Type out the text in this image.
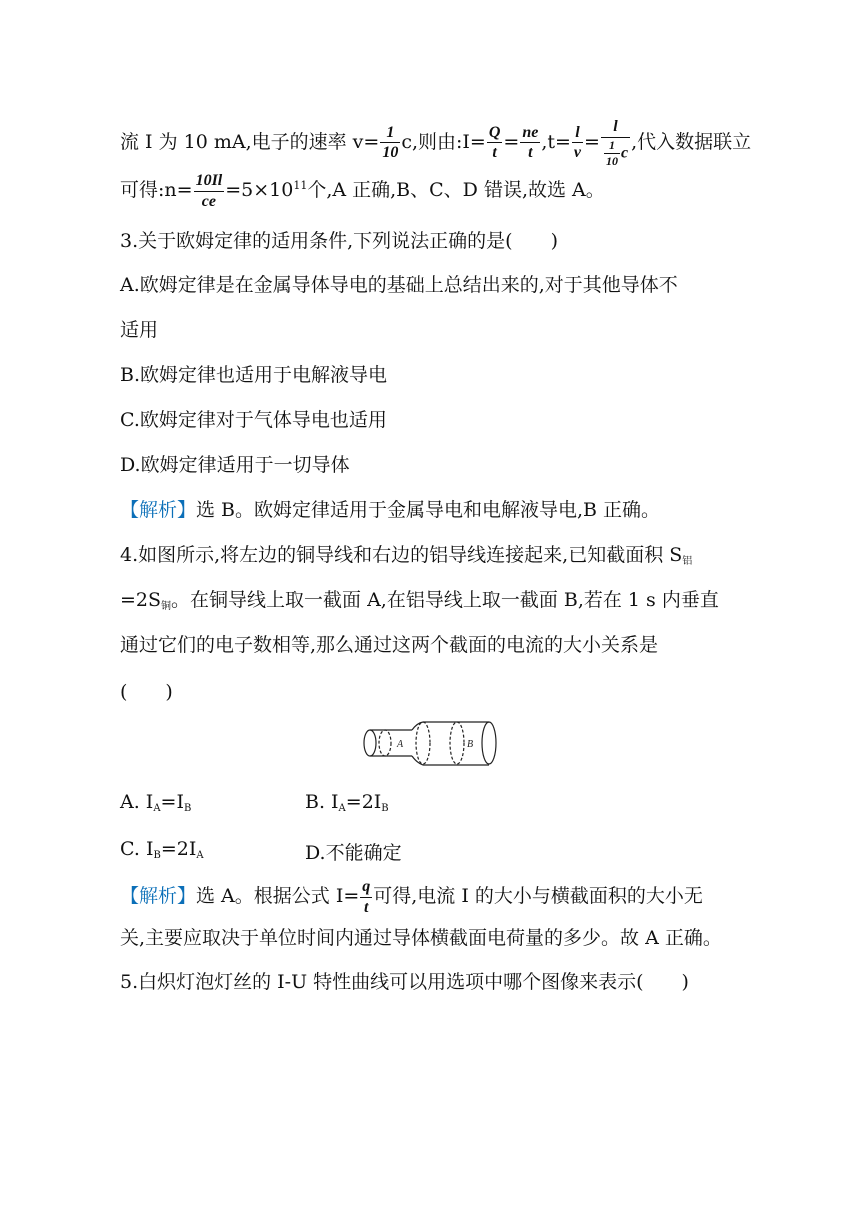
流 I 为 10 mA,电子的速率 $v= \frac{1}{10} c$,则由:I= $\frac{Q}{t} = \frac{ne}{t} ,t= \frac{l}{v} = \frac{l}{\frac{1}{10} c}$ ,代入数据联立
可得:n= $\frac{10Il}{ce} =5\times 10^{11}$个,A 正确,B、C、D 错误,故选 A。
3.关于欧姆定律的适用条件,下列说法正确的是(　　)
A.欧姆定律是在金属导体导电的基础上总结出来的,对于其他导体不
适用
B.欧姆定律也适用于电解液导电
C.欧姆定律对于气体导电也适用
D.欧姆定律适用于一切导体
【解析】选 B。欧姆定律适用于金属导电和电解液导电,B 正确。
4.如图所示,将左边的铜导线和右边的铝导线连接起来,已知截面积 $S_铝$
$=2S_铜$。在铜导线上取一截面 A,在铝导线上取一截面 B,若在 1 s 内垂直
通过它们的电子数相等,那么通过这两个截面的电流的大小关系是
(　　)
A	B
A. $I_A=I_B$	B. $I_A=2I_B$
C. $I_B=2I_A$	D.不能确定
【解析】选 A。根据公式 $I= \frac{q}{t}$ 可得,电流 I 的大小与横截面积的大小无
关,主要应取决于单位时间内通过导体横截面电荷量的多少。故 A 正确。
5.白炽灯泡灯丝的 I-U 特性曲线可以用选项中哪个图像来表示(　　)
